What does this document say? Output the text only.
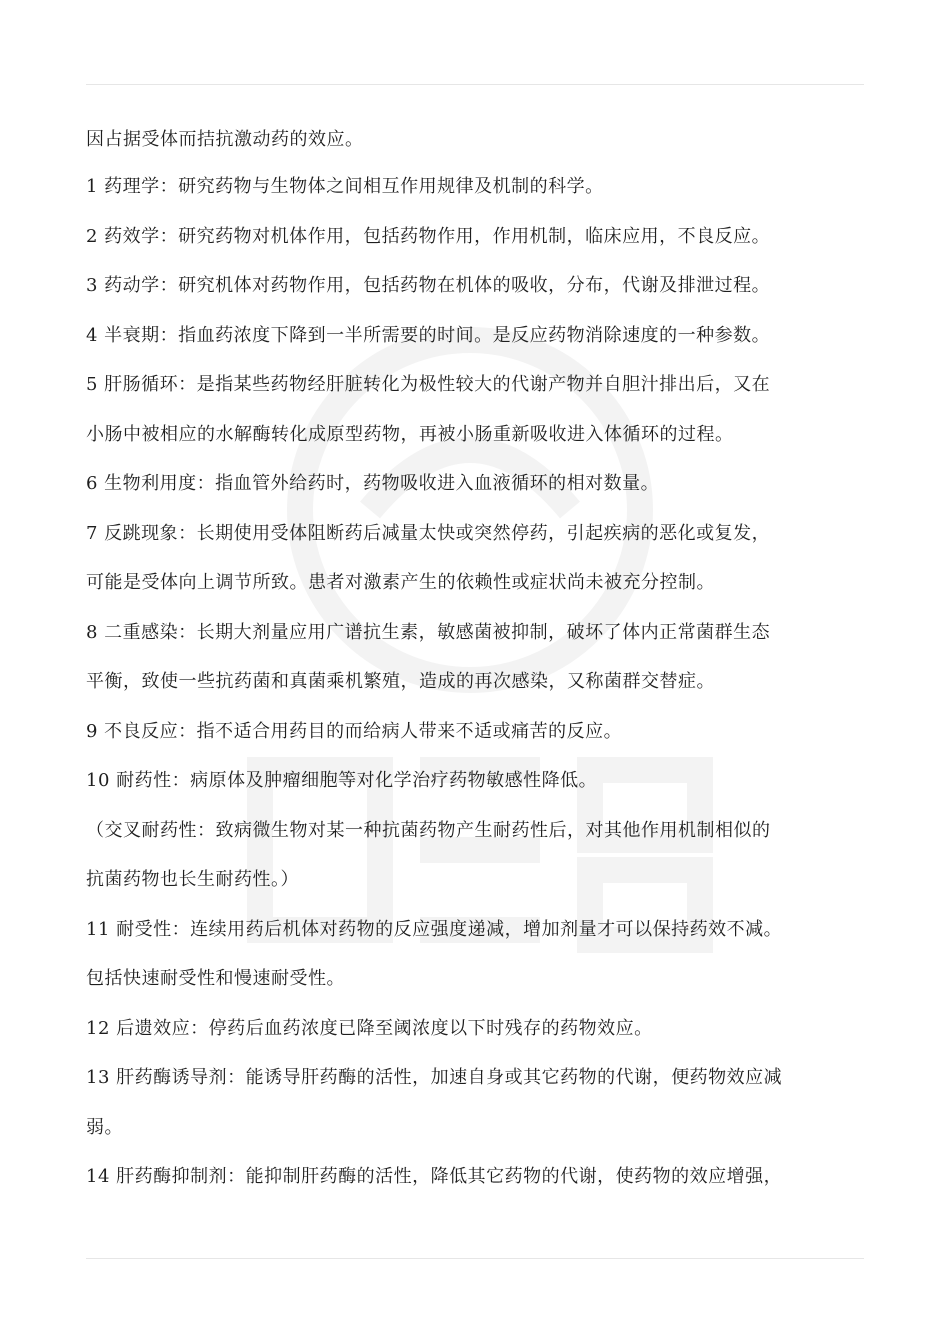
因占据受体而拮抗激动药的效应。
1 药理学：研究药物与生物体之间相互作用规律及机制的科学。
2 药效学：研究药物对机体作用，包括药物作用，作用机制，临床应用，不良反应。
3 药动学：研究机体对药物作用，包括药物在机体的吸收，分布，代谢及排泄过程。
4 半衰期：指血药浓度下降到一半所需要的时间。是反应药物消除速度的一种参数。
5 肝肠循环：是指某些药物经肝脏转化为极性较大的代谢产物并自胆汁排出后，又在
小肠中被相应的水解酶转化成原型药物，再被小肠重新吸收进入体循环的过程。
6 生物利用度：指血管外给药时，药物吸收进入血液循环的相对数量。
7 反跳现象：长期使用受体阻断药后减量太快或突然停药，引起疾病的恶化或复发，
可能是受体向上调节所致。患者对激素产生的依赖性或症状尚未被充分控制。
8 二重感染：长期大剂量应用广谱抗生素，敏感菌被抑制，破坏了体内正常菌群生态
平衡，致使一些抗药菌和真菌乘机繁殖，造成的再次感染，又称菌群交替症。
9 不良反应：指不适合用药目的而给病人带来不适或痛苦的反应。
10 耐药性：病原体及肿瘤细胞等对化学治疗药物敏感性降低。
（交叉耐药性：致病微生物对某一种抗菌药物产生耐药性后，对其他作用机制相似的
抗菌药物也长生耐药性。）
11 耐受性：连续用药后机体对药物的反应强度递减，增加剂量才可以保持药效不减。
包括快速耐受性和慢速耐受性。
12 后遗效应：停药后血药浓度已降至阈浓度以下时残存的药物效应。
13 肝药酶诱导剂：能诱导肝药酶的活性，加速自身或其它药物的代谢，便药物效应减
弱。
14 肝药酶抑制剂：能抑制肝药酶的活性，降低其它药物的代谢，使药物的效应增强，
